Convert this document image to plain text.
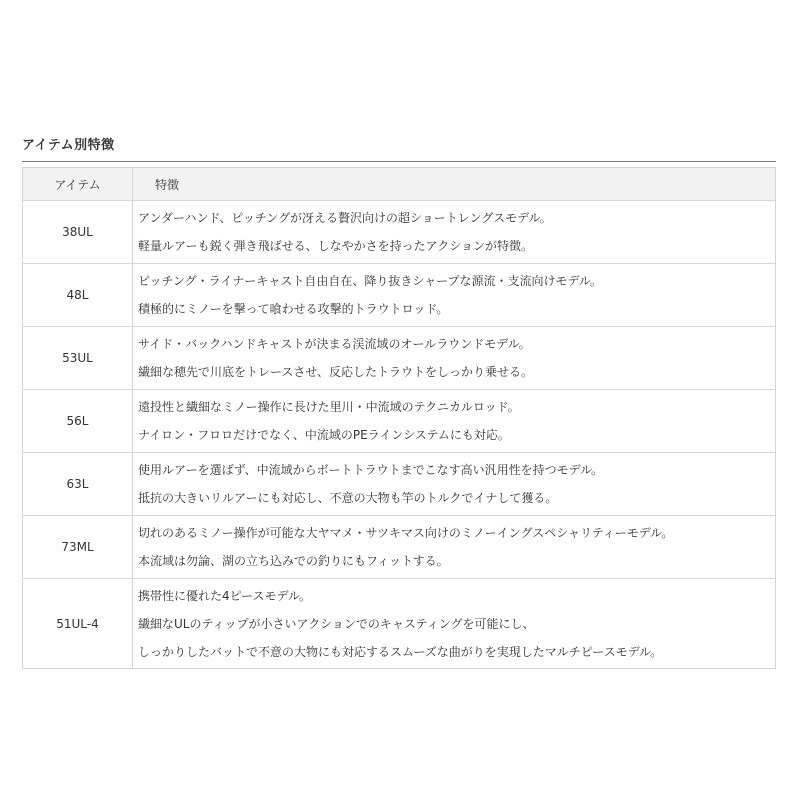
アイテム別特徴
アイテム	特徴
38UL	アンダーハンド、ピッチングが冴える贅沢向けの超ショートレングスモデル。
軽量ルアーも鋭く弾き飛ばせる、しなやかさを持ったアクションが特徴。

48L	ピッチング・ライナーキャスト自由自在、降り抜きシャープな源流・支流向けモデル。
積極的にミノーを撃って喰わせる攻撃的トラウトロッド。

53UL	サイド・バックハンドキャストが決まる渓流域のオールラウンドモデル。
繊細な穂先で川底をトレースさせ、反応したトラウトをしっかり乗せる。

56L	遠投性と繊細なミノー操作に長けた里川・中流域のテクニカルロッド。
ナイロン・フロロだけでなく、中流域のPEラインシステムにも対応。

63L	使用ルアーを選ばず、中流域からボートトラウトまでこなす高い汎用性を持つモデル。
抵抗の大きいリルアーにも対応し、不意の大物も竿のトルクでイナして獲る。

73ML	切れのあるミノー操作が可能な大ヤマメ・サツキマス向けのミノーイングスペシャリティーモデル。
本流域は勿論、湖の立ち込みでの釣りにもフィットする。

51UL-4	携帯性に優れた4ピースモデル。
繊細なULのティップが小さいアクションでのキャスティングを可能にし、
しっかりしたバットで不意の大物にも対応するスムーズな曲がりを実現したマルチピースモデル。
